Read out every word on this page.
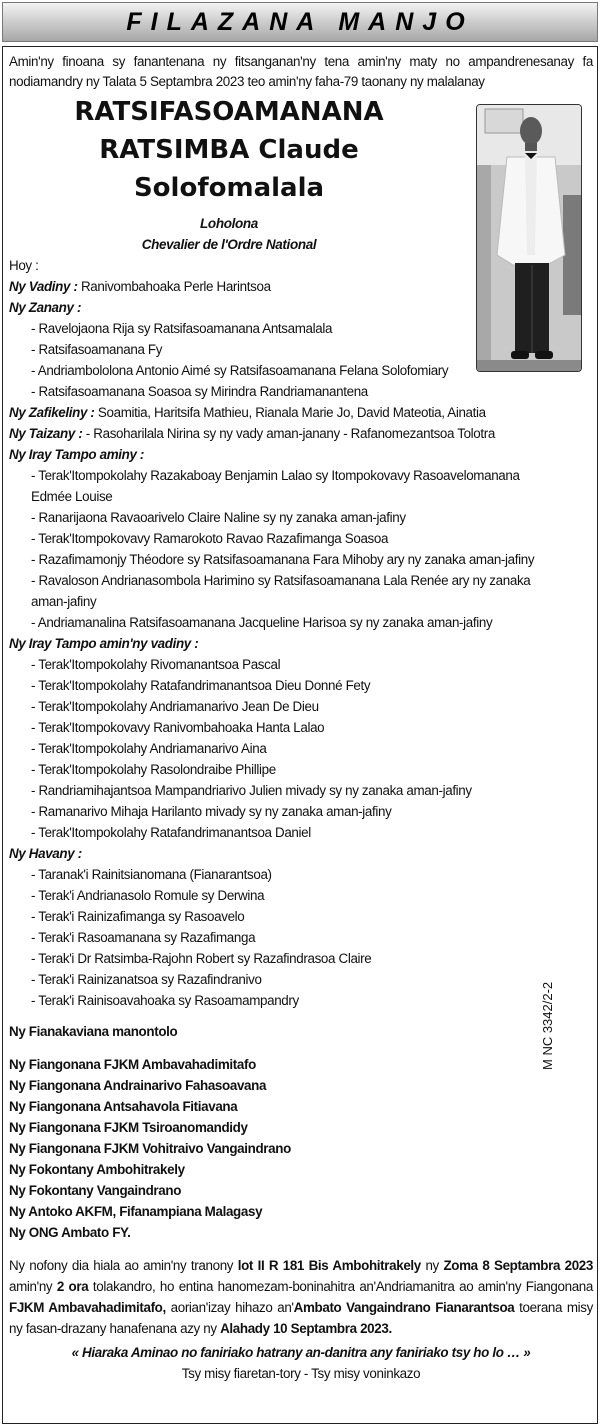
FILAZANA MANJO

Amin'ny finoana sy fanantenana ny fitsanganan'ny tena amin'ny maty no ampandrenesanay fa nodiamandry ny Talata 5 Septambra 2023 teo amin'ny faha-79 taonany ny malalanay

RATSIFASOAMANANA
RATSIMBA Claude
Solofomalala
Loholona
Chevalier de l'Ordre National
Hoy :
Ny Vadiny : Ranivombahoaka Perle Harintsoa
Ny Zanany :
- Ravelojaona Rija sy Ratsifasoamanana Antsamalala
- Ratsifasoamanana Fy
- Andriambololona Antonio Aimé sy Ratsifasoamanana Felana Solofomiary
- Ratsifasoamanana Soasoa sy Mirindra Randriamanantena
Ny Zafikeliny : Soamitia, Haritsifa Mathieu, Rianala Marie Jo, David Mateotia, Ainatia
Ny Taizany : - Rasoharilala Nirina sy ny vady aman-janany - Rafanomezantsoa Tolotra
Ny Iray Tampo aminy :
- Terak'Itompokolahy Razakaboay Benjamin Lalao sy Itompokovavy Rasoavelomanana
Edmée Louise
- Ranarijaona Ravaoarivelo Claire Naline sy ny zanaka aman-jafiny
- Terak'Itompokovavy Ramarokoto Ravao Razafimanga Soasoa
- Razafimamonjy Théodore sy Ratsifasoamanana Fara Mihoby ary ny zanaka aman-jafiny
- Ravaloson Andrianasombola Harimino sy Ratsifasoamanana Lala Renée ary ny zanaka
aman-jafiny
- Andriamanalina Ratsifasoamanana Jacqueline Harisoa sy ny zanaka aman-jafiny
Ny Iray Tampo amin'ny vadiny :
- Terak'Itompokolahy Rivomanantsoa Pascal
- Terak'Itompokolahy Ratafandrimanantsoa Dieu Donné Fety
- Terak'Itompokolahy Andriamanarivo Jean De Dieu
- Terak'Itompokovavy Ranivombahoaka Hanta Lalao
- Terak'Itompokolahy Andriamanarivo Aina
- Terak'Itompokolahy Rasolondraibe Phillipe
- Randriamihajantsoa Mampandriarivo Julien mivady sy ny zanaka aman-jafiny
- Ramanarivo Mihaja Harilanto mivady sy ny zanaka aman-jafiny
- Terak'Itompokolahy Ratafandrimanantsoa Daniel
Ny Havany :
- Taranak'i Rainitsianomana (Fianarantsoa)
- Terak'i Andrianasolo Romule sy Derwina
- Terak'i Rainizafimanga sy Rasoavelo
- Terak'i Rasoamanana sy Razafimanga
- Terak'i Dr Ratsimba-Rajohn Robert sy Razafindrasoa Claire
- Terak'i Rainizanatsoa sy Razafindranivo
- Terak'i Rainisoavahoaka sy Rasoamampandry
Ny Fianakaviana manontolo
Ny Fiangonana FJKM Ambavahadimitafo
Ny Fiangonana Andrainarivo Fahasoavana
Ny Fiangonana Antsahavola Fitiavana
Ny Fiangonana FJKM Tsiroanomandidy
Ny Fiangonana FJKM Vohitraivo Vangaindrano
Ny Fokontany Ambohitrakely
Ny Fokontany Vangaindrano
Ny Antoko AKFM, Fifanampiana Malagasy
Ny ONG Ambato FY.

Ny nofony dia hiala ao amin'ny tranony lot II R 181 Bis Ambohitrakely ny Zoma 8 Septambra 2023 amin'ny 2 ora tolakandro, ho entina hanomezam-boninahitra an'Andriamanitra ao amin'ny Fiangonana FJKM Ambavahadimitafo, aorian'izay hihazo an'Ambato Vangaindrano Fianarantsoa toerana misy ny fasan-drazany hanafenana azy ny Alahady 10 Septambra 2023.

« Hiaraka Aminao no faniriako hatrany an-danitra any faniriako tsy ho lo … »
Tsy misy fiaretan-tory - Tsy misy voninkazo
M NC 3342/2-2
